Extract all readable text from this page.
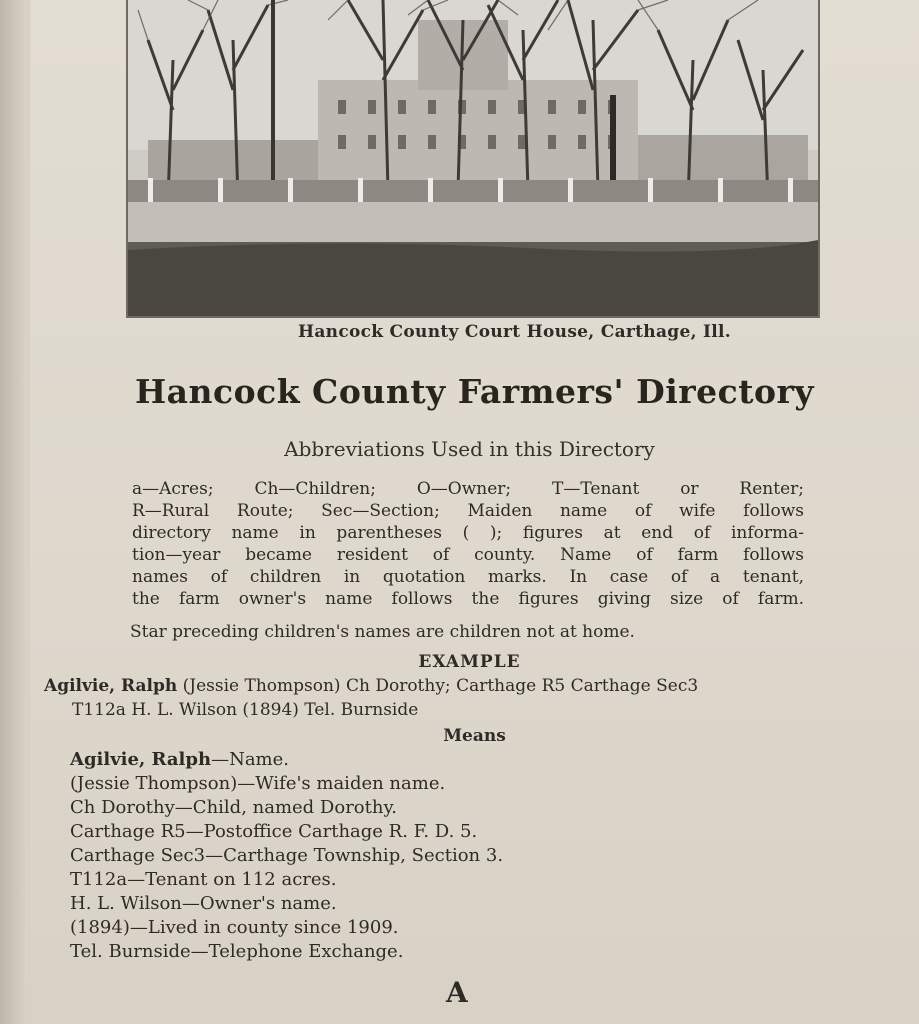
Hancock County Court House, Carthage, Ill.
Hancock County Farmers' Directory
Abbreviations Used in this Directory

a—Acres; Ch—Children; O—Owner; T—Tenant or Renter;
R—Rural Route; Sec—Section; Maiden name of wife follows
directory name in parentheses ( ); figures at end of informa-
tion—year became resident of county. Name of farm follows
names of children in quotation marks. In case of a tenant,
the farm owner's name follows the figures giving size of farm.

Star preceding children's names are children not at home.

EXAMPLE

Agilvie, Ralph (Jessie Thompson) Ch Dorothy; Carthage R5 Carthage Sec3
T112a H. L. Wilson (1894) Tel. Burnside

Means
Agilvie, Ralph—Name.
(Jessie Thompson)—Wife's maiden name.
Ch Dorothy—Child, named Dorothy.
Carthage R5—Postoffice Carthage R. F. D. 5.
Carthage Sec3—Carthage Township, Section 3.
T112a—Tenant on 112 acres.
H. L. Wilson—Owner's name.
(1894)—Lived in county since 1909.
Tel. Burnside—Telephone Exchange.
A
